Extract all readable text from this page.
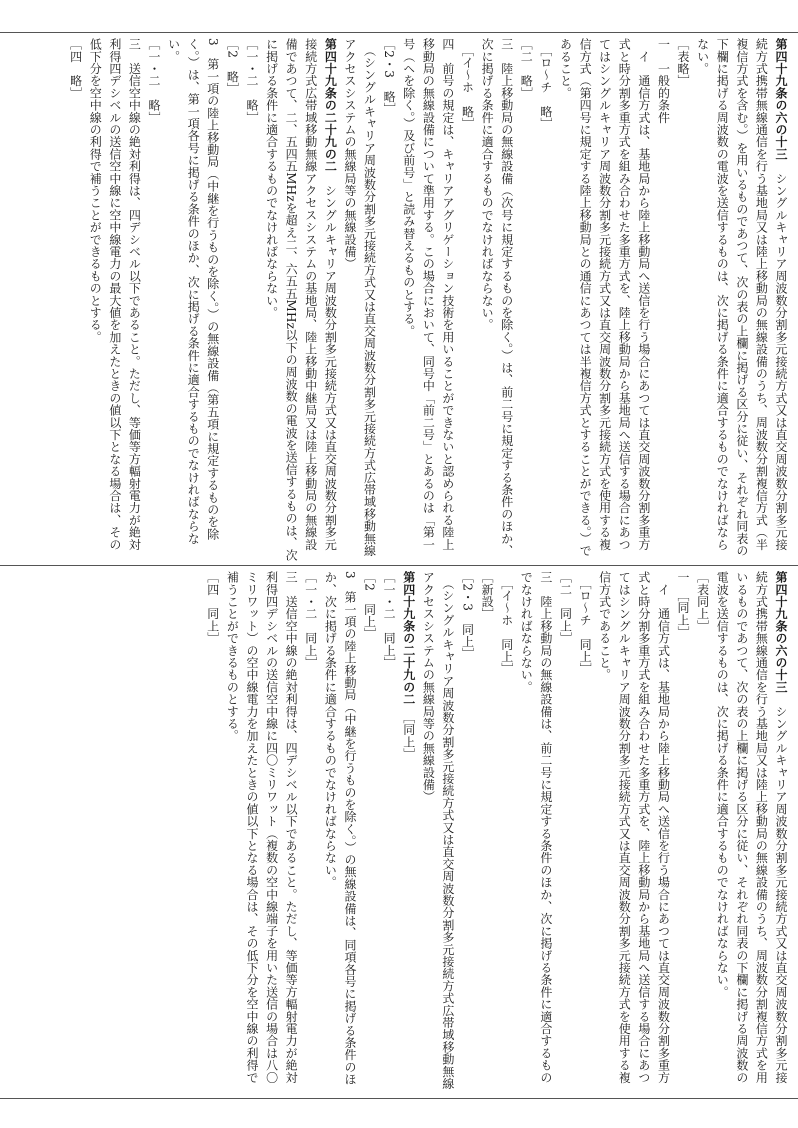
第四十九条の六の十三　シングルキャリア周波数分割多元接続方式又は直交周波数分割多元接続方式携帯無線通信を行う基地局又は陸上移動局の無線設備のうち、周波数分割複信方式（半複信方式を含む。）を用いるものであつて、次の表の上欄に掲げる区分に従い、それぞれ同表の下欄に掲げる周波数の電波を送信するものは、次に掲げる条件に適合するものでなければならない。

［表略］

一　一般的条件

　イ　通信方式は、基地局から陸上移動局へ送信を行う場合にあつては直交周波数分割多重方式と時分割多重方式を組み合わせた多重方式を、陸上移動局から基地局へ送信する場合にあつてはシングルキャリア周波数分割多元接続方式又は直交周波数分割多元接続方式を使用する複信方式（第四号に規定する陸上移動局との通信にあつては半複信方式とすることができる。）であること。

　［ロ～チ　略］

［二　略］

三　陸上移動局の無線設備（次号に規定するものを除く。）は、前二号に規定する条件のほか、次に掲げる条件に適合するものでなければならない。

　［イ～ホ　略］

四　前号の規定は、キャリアアグリゲーション技術を用いることができないと認められる陸上移動局の無線設備について準用する。この場合において、同号中「前二号」とあるのは「第一号（ヘを除く。）及び前号」と読み替えるものとする。

［2・3　略］

　（シングルキャリア周波数分割多元接続方式又は直交周波数分割多元接続方式広帯域移動無線アクセスシステムの無線局等の無線設備）

第四十九条の二十九の二　シングルキャリア周波数分割多元接続方式又は直交周波数分割多元接続方式広帯域移動無線アクセスシステムの基地局、陸上移動中継局又は陸上移動局の無線設備であつて、二、五四五MHzを超え二、六五五MHz以下の周波数の電波を送信するものは、次に掲げる条件に適合するものでなければならない。

［一・二　略］

［2　略］

3　第一項の陸上移動局（中継を行うものを除く。）の無線設備（第五項に規定するものを除く。）は、第一項各号に掲げる条件のほか、次に掲げる条件に適合するものでなければならない。

［一・二　略］

三　送信空中線の絶対利得は、四デシベル以下であること。ただし、等価等方輻射電力が絶対利得四デシベルの送信空中線に空中線電力の最大値を加えたときの値以下となる場合は、その低下分を空中線の利得で補うことができるものとする。

［四　略］

第四十九条の六の十三　シングルキャリア周波数分割多元接続方式又は直交周波数分割多元接続方式携帯無線通信を行う基地局又は陸上移動局の無線設備のうち、周波数分割複信方式を用いるものであつて、次の表の上欄に掲げる区分に従い、それぞれ同表の下欄に掲げる周波数の電波を送信するものは、次に掲げる条件に適合するものでなければならない。

［表同上］

一　［同上］

　イ　通信方式は、基地局から陸上移動局へ送信を行う場合にあつては直交周波数分割多重方式と時分割多重方式を組み合わせた多重方式を、陸上移動局から基地局へ送信する場合にあつてはシングルキャリア周波数分割多元接続方式又は直交周波数分割多元接続方式を使用する複信方式であること。

　［ロ～チ　同上］

［二　同上］

三　陸上移動局の無線設備は、前二号に規定する条件のほか、次に掲げる条件に適合するものでなければならない。

　［イ～ホ　同上］

［新設］

［2・3　同上］

　（シングルキャリア周波数分割多元接続方式又は直交周波数分割多元接続方式広帯域移動無線アクセスシステムの無線局等の無線設備）

第四十九条の二十九の二　［同上］

［一・二　同上］

［2　同上］

3　第一項の陸上移動局（中継を行うものを除く。）の無線設備は、同項各号に掲げる条件のほか、次に掲げる条件に適合するものでなければならない。

［一・二　同上］

三　送信空中線の絶対利得は、四デシベル以下であること。ただし、等価等方輻射電力が絶対利得四デシベルの送信空中線に四〇ミリワット（複数の空中線端子を用いた送信の場合は八〇ミリワット）の空中線電力を加えたときの値以下となる場合は、その低下分を空中線の利得で補うことができるものとする。

［四　同上］
